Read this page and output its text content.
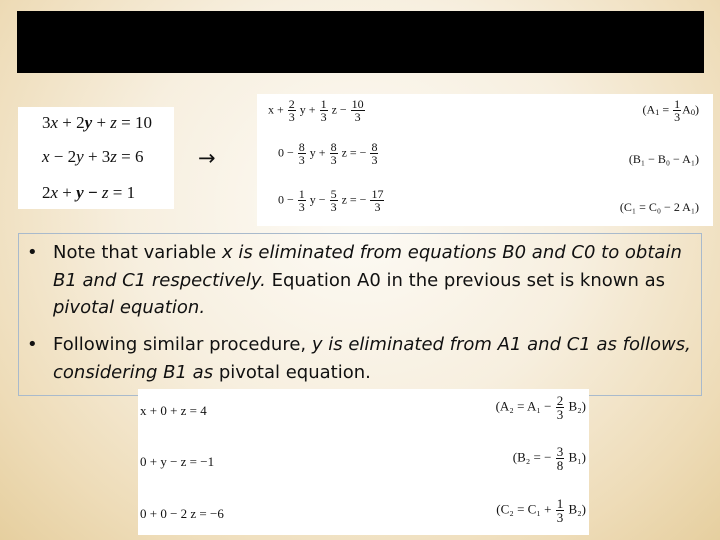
3x + 2y + z = 10
x − 2y + 3z = 6
2x + y − z = 1
→
$x + \frac{2}{3}$ $y + \frac{1}{3}$ $z - \frac{10}{3}$	$(A1 = \frac{1}{3} A0)$
$0 - \frac{8}{3}$ $y + \frac{8}{3}$ z = − $\frac{8}{3}$	(B₁ − B₀ − A₁)
$0 - \frac{1}{3}$ $y - \frac{5}{3}$ z = − $\frac{17}{3}$	(C₁ = C₀ − 2 A₁)
• Note that variable x is eliminated from equations B0 and C0 to obtain B1 and C1 respectively. Equation A0 in the previous set is known as pivotal equation.
• Following similar procedure, y is eliminated from A1 and C1 as follows, considering B1 as pivotal equation.
x + 0 + z = 4	$(A_2 = A_1 - \frac{2}{3} B_2)$
0 + y − z = −1	(B₂ = − $\frac{3}{8} B_1$)
0 + 0 − 2 z = −6	$(C_2 = C_1 + \frac{1}{3} B_2)$
